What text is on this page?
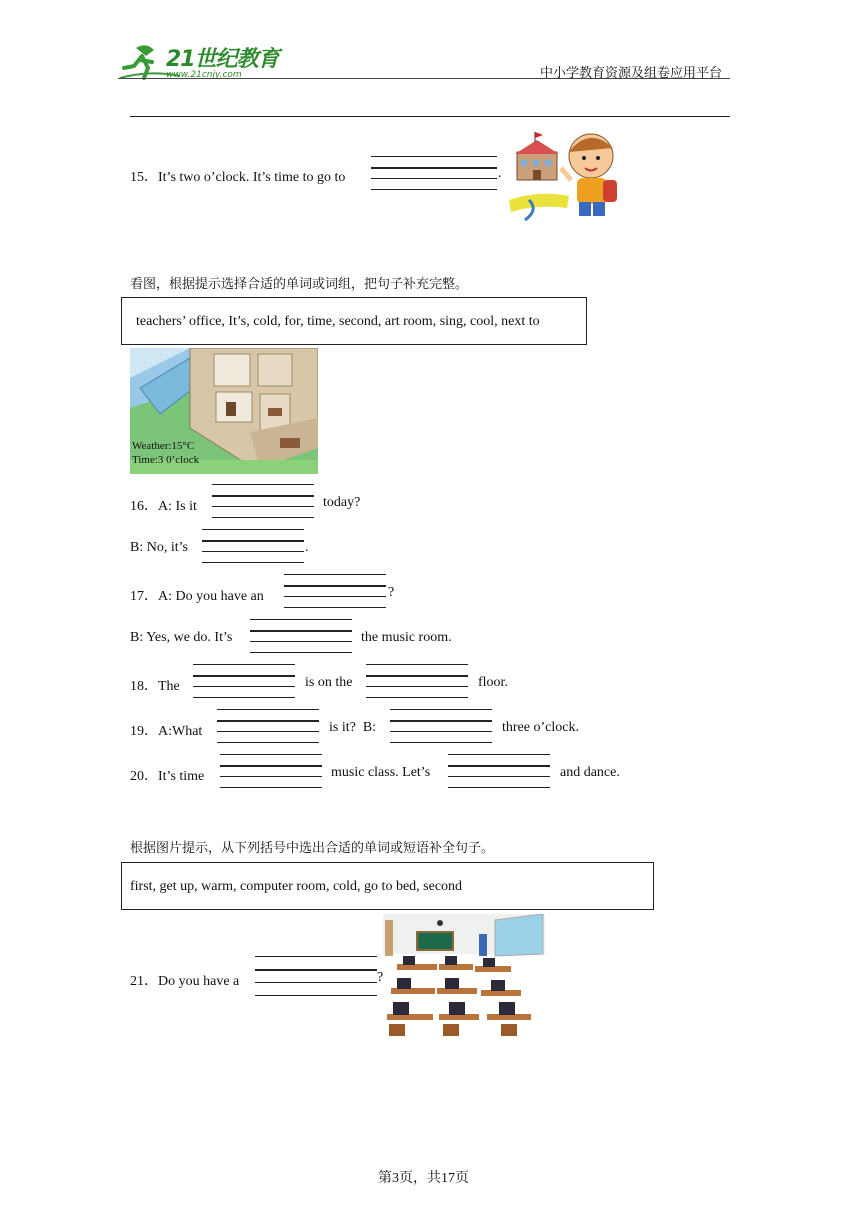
21世纪教育
www.21cnjy.com	中小学教育资源及组卷应用平台
15．It’s two o’clock. It’s time to go to	.
看图，根据提示选择合适的单词或词组，把句子补充完整。
teachers’ office, It’s, cold, for, time, second, art room, sing, cool, next to
Weather:15°C
Time:3 0’clock
16．A: Is it	today?
B: No, it’s	.
17．A: Do you have an	?
B: Yes, we do. It’s	the music room.
18．The	is on the	floor.
19．A:What	is it?  B:	three o’clock.
20．It’s time	music class. Let’s	and dance.
根据图片提示，从下列括号中选出合适的单词或短语补全句子。
first, get up, warm, computer room, cold, go to bed, second
21．Do you have a	?
第3页，共17页
